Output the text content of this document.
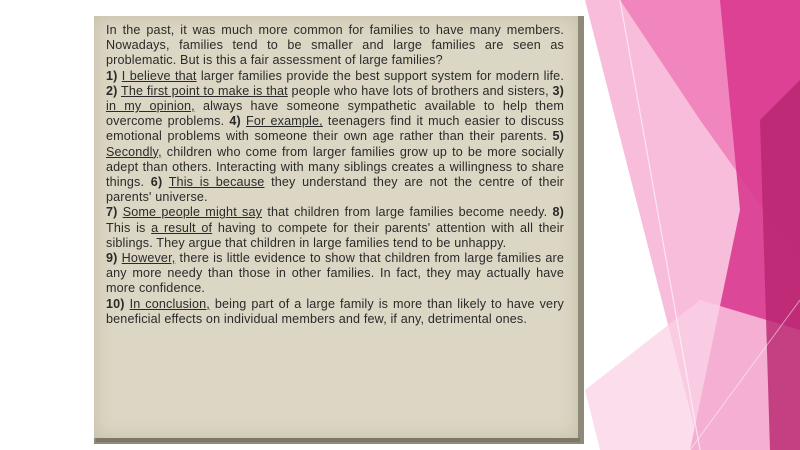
In the past, it was much more common for families to have many members. Nowadays, families tend to be smaller and large families are seen as problematic. But is this a fair assessment of large families?

1) I believe that larger families provide the best support system for modern life. 2) The first point to make is that people who have lots of brothers and sisters, 3) in my opinion, always have someone sympathetic available to help them overcome problems. 4) For example, teenagers find it much easier to discuss emotional problems with someone their own age rather than their parents. 5) Secondly, children who come from larger families grow up to be more socially adept than others. Interacting with many siblings creates a willingness to share things. 6) This is because they understand they are not the centre of their parents' universe.

7) Some people might say that children from large families become needy. 8) This is a result of having to compete for their parents' attention with all their siblings. They argue that children in large families tend to be unhappy.

9) However, there is little evidence to show that children from large families are any more needy than those in other families. In fact, they may actually have more confidence.

10) In conclusion, being part of a large family is more than likely to have very beneficial effects on individual members and few, if any, detrimental ones.
